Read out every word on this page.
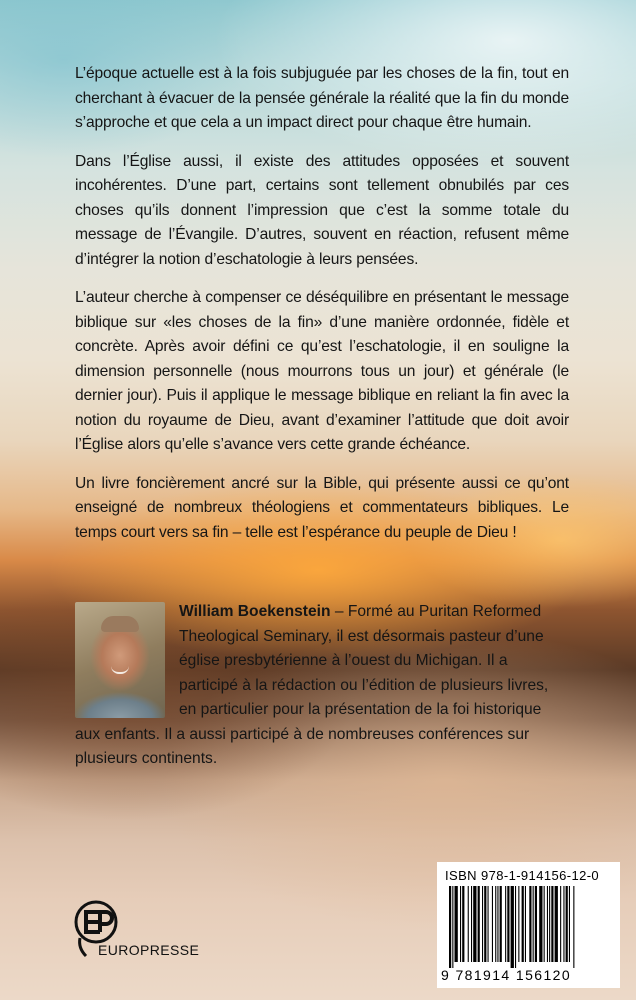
L’époque actuelle est à la fois subjuguée par les choses de la fin, tout en cherchant à évacuer de la pensée générale la réalité que la fin du monde s’approche et que cela a un impact direct pour chaque être humain.

Dans l’Église aussi, il existe des attitudes opposées et souvent incohérentes. D’une part, certains sont tellement obnubilés par ces choses qu’ils donnent l’impression que c’est la somme totale du message de l’Évangile. D’autres, souvent en réaction, refusent même d’intégrer la notion d’eschatologie à leurs pensées.

L’auteur cherche à compenser ce déséquilibre en présentant le message biblique sur «les choses de la fin» d’une manière ordonnée, fidèle et concrète. Après avoir défini ce qu’est l’eschatologie, il en souligne la dimension personnelle (nous mourrons tous un jour) et générale (le dernier jour). Puis il applique le message biblique en reliant la fin avec la notion du royaume de Dieu, avant d’examiner l’attitude que doit avoir l’Église alors qu’elle s’avance vers cette grande échéance.

Un livre foncièrement ancré sur la Bible, qui présente aussi ce qu’ont enseigné de nombreux théologiens et commentateurs bibliques. Le temps court vers sa fin – telle est l’espérance du peuple de Dieu !

William Boekenstein – Formé au Puritan Reformed Theological Seminary, il est désormais pasteur d’une église presbytérienne à l’ouest du Michigan. Il a participé à la rédaction ou l’édition de plusieurs livres, en particulier pour la présentation de la foi historique aux enfants. Il a aussi participé à de nombreuses conférences sur plusieurs continents.
EUROPRESSE
ISBN 978-1-914156-12-0
9 781914 156120
